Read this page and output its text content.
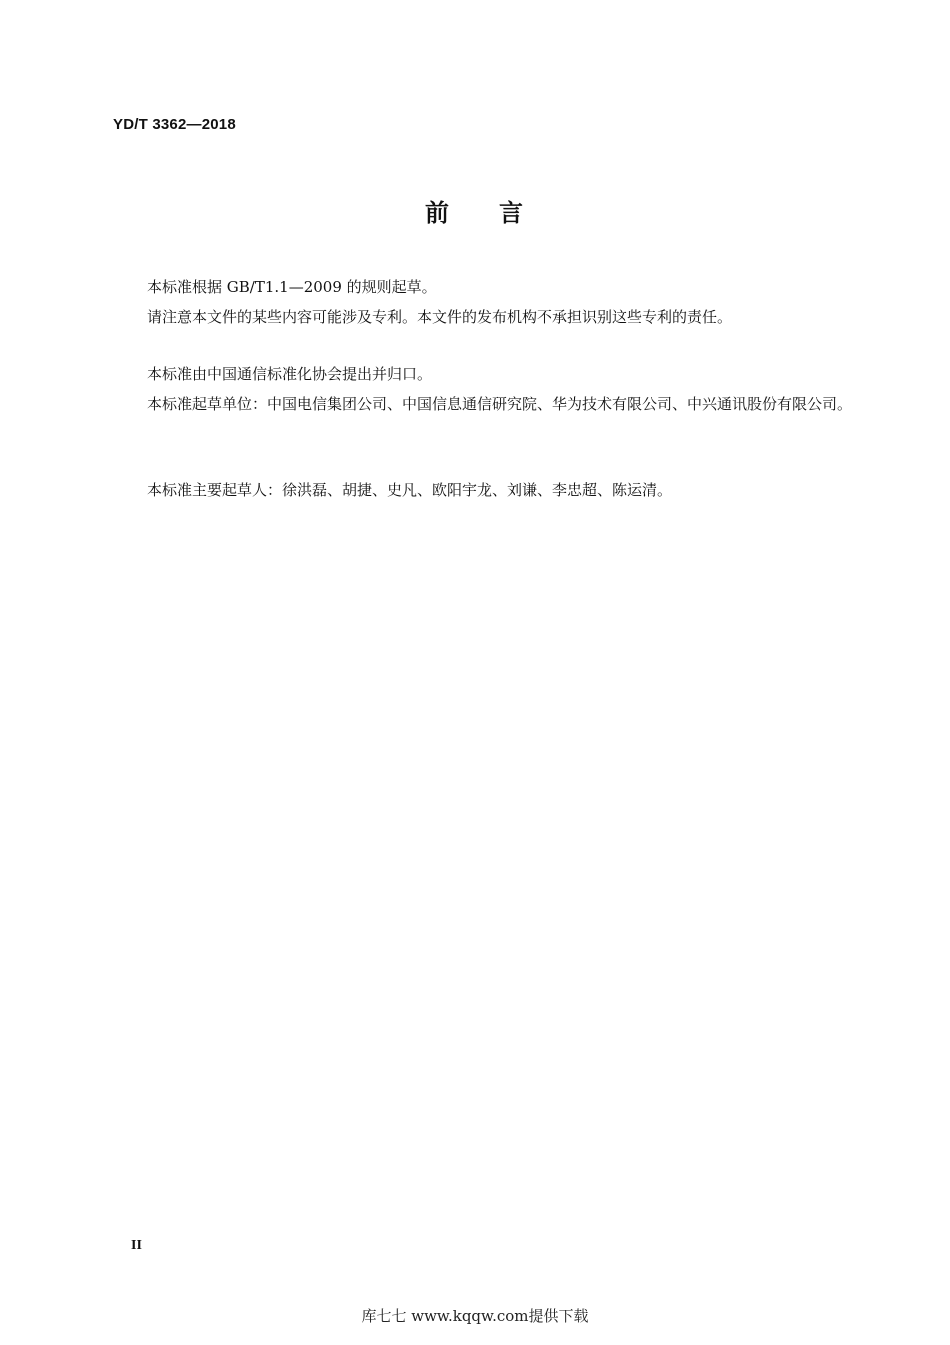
YD/T 3362—2018
前 言
本标准根据 GB/T1.1—2009 的规则起草。
请注意本文件的某些内容可能涉及专利。本文件的发布机构不承担识别这些专利的责任。
本标准由中国通信标准化协会提出并归口。
本标准起草单位：中国电信集团公司、中国信息通信研究院、华为技术有限公司、中兴通讯股份有限公司。
本标准主要起草人：徐洪磊、胡捷、史凡、欧阳宇龙、刘谦、李忠超、陈运清。
II
库七七 www.kqqw.com提供下载
